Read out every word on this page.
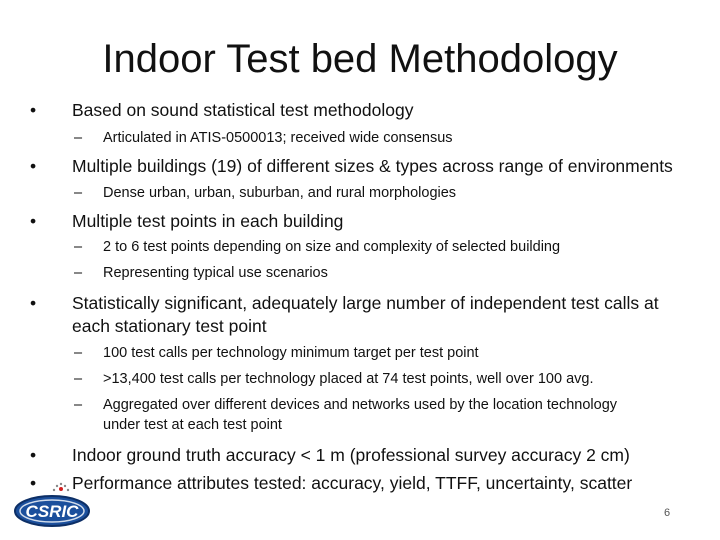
Indoor Test bed Methodology
• Based on sound statistical test methodology
– Articulated in ATIS-0500013; received wide consensus
• Multiple buildings (19) of different sizes & types across range of environments
– Dense urban, urban, suburban, and rural morphologies
• Multiple test points in each building
– 2 to 6 test points depending on size and complexity of selected building
– Representing typical use scenarios
• Statistically significant, adequately large number of independent test calls at
each stationary test point
– 100 test calls per technology minimum target per test point
– >13,400 test calls per technology placed at 74 test points, well over 100 avg.
– Aggregated over different devices and networks used by the location technology
under test at each test point
• Indoor ground truth accuracy < 1 m (professional survey accuracy 2 cm)
• Performance attributes tested: accuracy, yield, TTFF, uncertainty, scatter
CSRIC	6
